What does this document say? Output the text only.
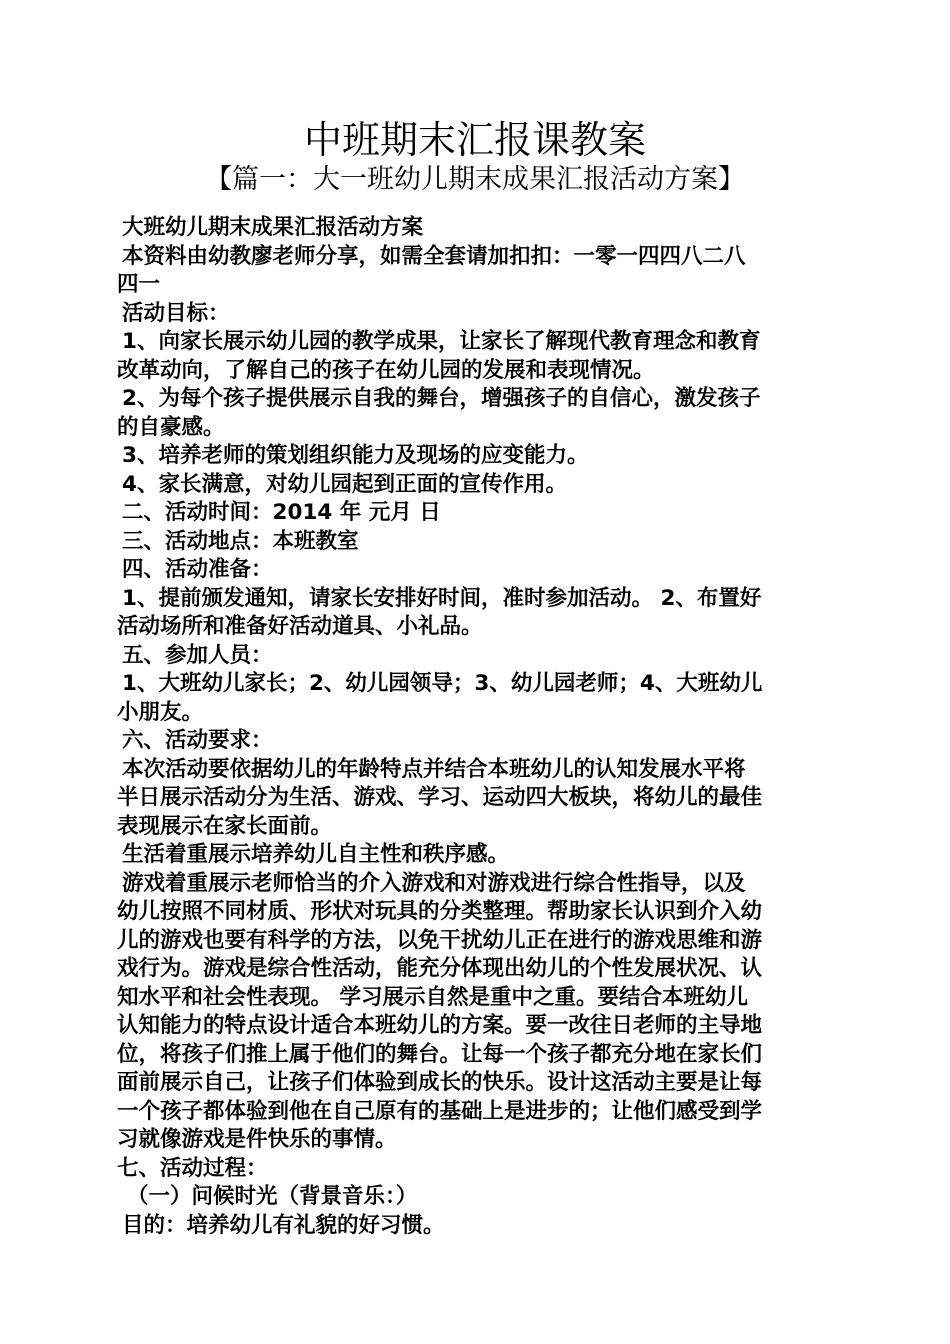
中班期末汇报课教案
【篇一：大一班幼儿期末成果汇报活动方案】
大班幼儿期末成果汇报活动方案
本资料由幼教廖老师分享，如需全套请加扣扣：一零一四四八二八
四一
活动目标：
1、向家长展示幼儿园的教学成果，让家长了解现代教育理念和教育
改革动向，了解自己的孩子在幼儿园的发展和表现情况。
2、为每个孩子提供展示自我的舞台，增强孩子的自信心，激发孩子
的自豪感。
3、培养老师的策划组织能力及现场的应变能力。
4、家长满意，对幼儿园起到正面的宣传作用。
二、活动时间：2014 年 元月 日
三、活动地点：本班教室
四、活动准备：
1、提前颁发通知，请家长安排好时间，准时参加活动。 2、布置好
活动场所和准备好活动道具、小礼品。
五、参加人员：
1、大班幼儿家长；2、幼儿园领导；3、幼儿园老师；4、大班幼儿
小朋友。
六、活动要求：
本次活动要依据幼儿的年龄特点并结合本班幼儿的认知发展水平将
半日展示活动分为生活、游戏、学习、运动四大板块，将幼儿的最佳
表现展示在家长面前。
生活着重展示培养幼儿自主性和秩序感。
游戏着重展示老师恰当的介入游戏和对游戏进行综合性指导，以及
幼儿按照不同材质、形状对玩具的分类整理。帮助家长认识到介入幼
儿的游戏也要有科学的方法，以免干扰幼儿正在进行的游戏思维和游
戏行为。游戏是综合性活动，能充分体现出幼儿的个性发展状况、认
知水平和社会性表现。 学习展示自然是重中之重。要结合本班幼儿
认知能力的特点设计适合本班幼儿的方案。要一改往日老师的主导地
位，将孩子们推上属于他们的舞台。让每一个孩子都充分地在家长们
面前展示自己，让孩子们体验到成长的快乐。设计这活动主要是让每
一个孩子都体验到他在自己原有的基础上是进步的；让他们感受到学
习就像游戏是件快乐的事情。
七、活动过程：
（一）问候时光（背景音乐：）
目的：培养幼儿有礼貌的好习惯。
